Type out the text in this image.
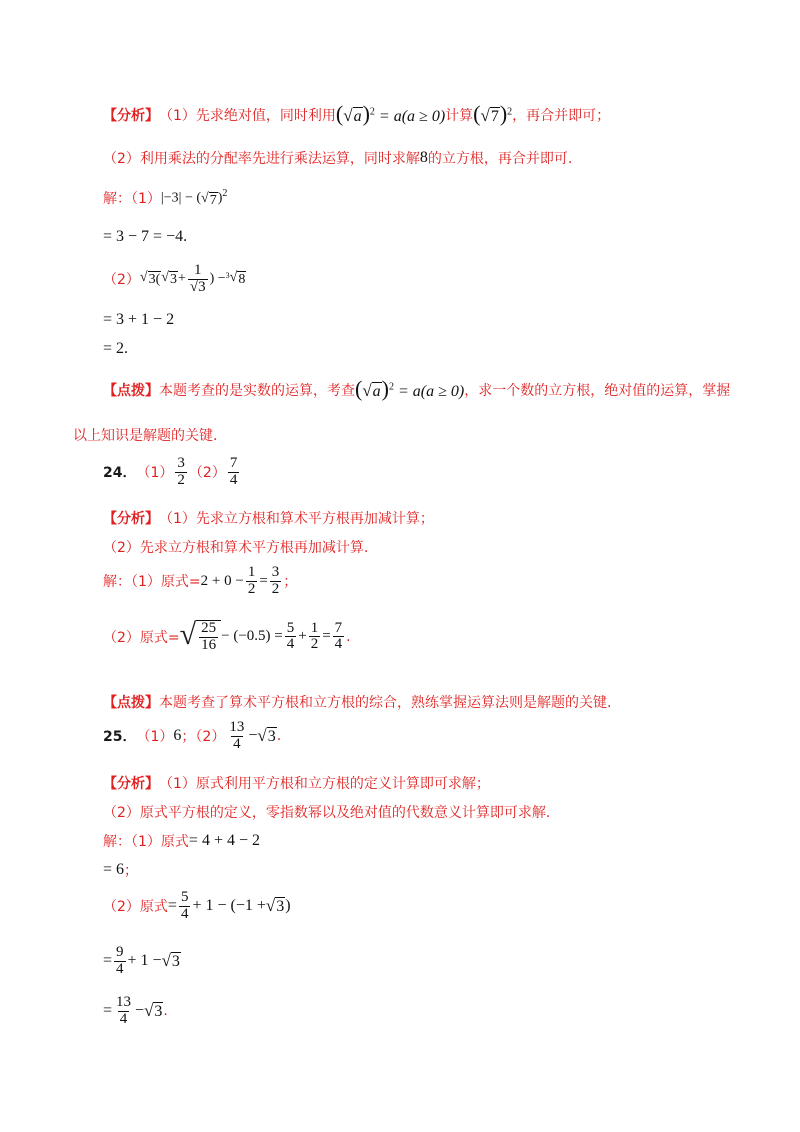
【分析】 （1）先求绝对值，同时利用 ( √ a )$^2$ = a(a ≥ 0) 计算 ( √ 7 )$^2$ ，再合并即可；
（2）利用乘法的分配率先进行乘法运算，同时求解 8 的立方根，再合并即可.
解：（1） |−3| − ( √ 7 )$^2$
= 3 − 7 = −4.
（2） √ 3( √ $3 + \frac{1}{√3}$ ) − 3 √ 8
= 3 + 1 − 2
= 2.
【点拨】 本题考查的是实数的运算，考查 ( √ a )$^2$ = a(a ≥ 0) ，求一个数的立方根，绝对值的运算，掌握
以上知识是解题的关键.
24． $(1) \frac{3}{2} (2) \frac{7}{4}$
【分析】 （1）先求立方根和算术平方根再加减计算；
（2）先求立方根和算术平方根再加减计算.
解：（1）原式= $2 + 0 - \frac{1}{2} = \frac{3}{2}$ ；
（2）原式= √ $\frac{25}{16} - (-0.5) = \frac{5}{4} + \frac{1}{2} = \frac{7}{4}$ .
【点拨】 本题考查了算术平方根和立方根的综合，熟练掌握运算法则是解题的关键.
25． （1） 6 ；$(2) \frac{13}{4}$ − √ 3 .
【分析】 （1）原式利用平方根和立方根的定义计算即可求解；
（2）原式平方根的定义，零指数幂以及绝对值的代数意义计算即可求解.
解：（1）原式 = 4 + 4 − 2
= 6 ；
（2）原式 = $\frac{5}{4} + 1 - (-1$ + √ 3 )
= $\frac{9}{4} + 1$ − √ 3
= $\frac{13}{4}$ − √ 3 .
